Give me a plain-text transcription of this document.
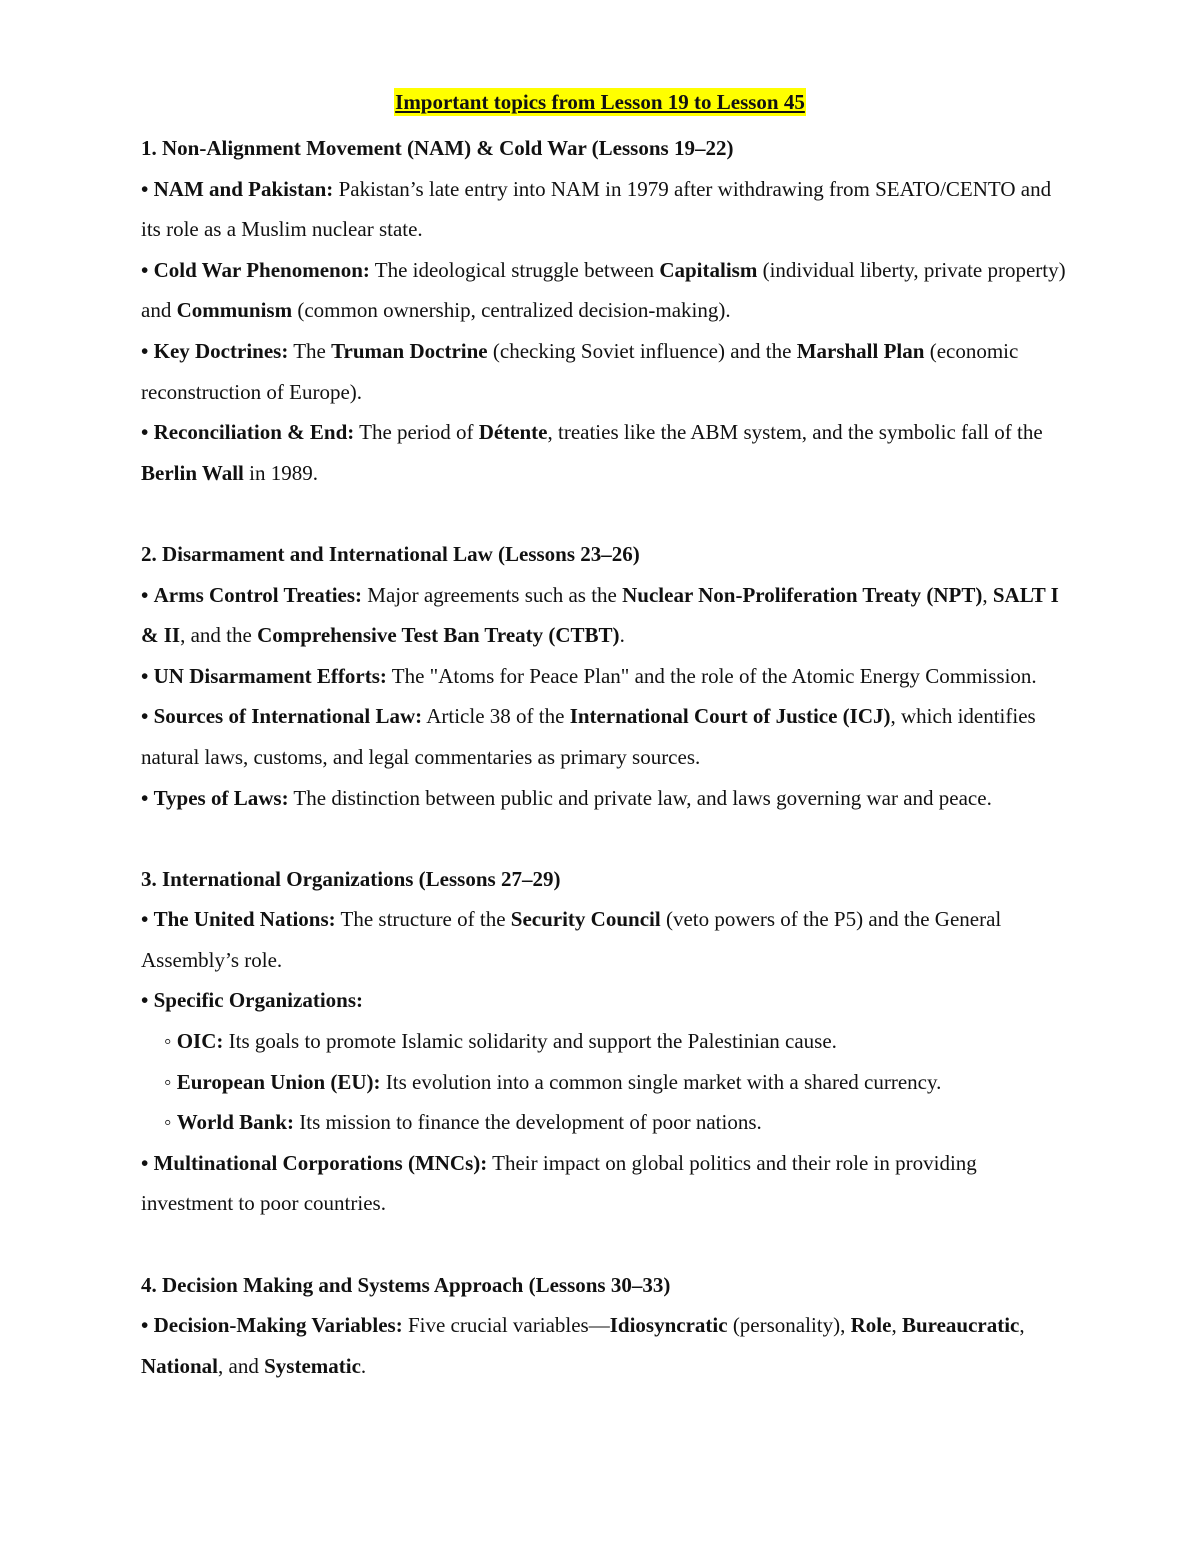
Important topics from Lesson 19 to Lesson 45

1. Non-Alignment Movement (NAM) & Cold War (Lessons 19–22)

• NAM and Pakistan: Pakistan’s late entry into NAM in 1979 after withdrawing from SEATO/CENTO and its role as a Muslim nuclear state.

• Cold War Phenomenon: The ideological struggle between Capitalism (individual liberty, private property) and Communism (common ownership, centralized decision-making).

• Key Doctrines: The Truman Doctrine (checking Soviet influence) and the Marshall Plan (economic reconstruction of Europe).

• Reconciliation & End: The period of Détente, treaties like the ABM system, and the symbolic fall of the Berlin Wall in 1989.

2. Disarmament and International Law (Lessons 23–26)

• Arms Control Treaties: Major agreements such as the Nuclear Non-Proliferation Treaty (NPT), SALT I & II, and the Comprehensive Test Ban Treaty (CTBT).

• UN Disarmament Efforts: The "Atoms for Peace Plan" and the role of the Atomic Energy Commission.

• Sources of International Law: Article 38 of the International Court of Justice (ICJ), which identifies natural laws, customs, and legal commentaries as primary sources.

• Types of Laws: The distinction between public and private law, and laws governing war and peace.

3. International Organizations (Lessons 27–29)

• The United Nations: The structure of the Security Council (veto powers of the P5) and the General Assembly’s role.

• Specific Organizations:

◦ OIC: Its goals to promote Islamic solidarity and support the Palestinian cause.

◦ European Union (EU): Its evolution into a common single market with a shared currency.

◦ World Bank: Its mission to finance the development of poor nations.

• Multinational Corporations (MNCs): Their impact on global politics and their role in providing investment to poor countries.

4. Decision Making and Systems Approach (Lessons 30–33)

• Decision-Making Variables: Five crucial variables—Idiosyncratic (personality), Role, Bureaucratic, National, and Systematic.
